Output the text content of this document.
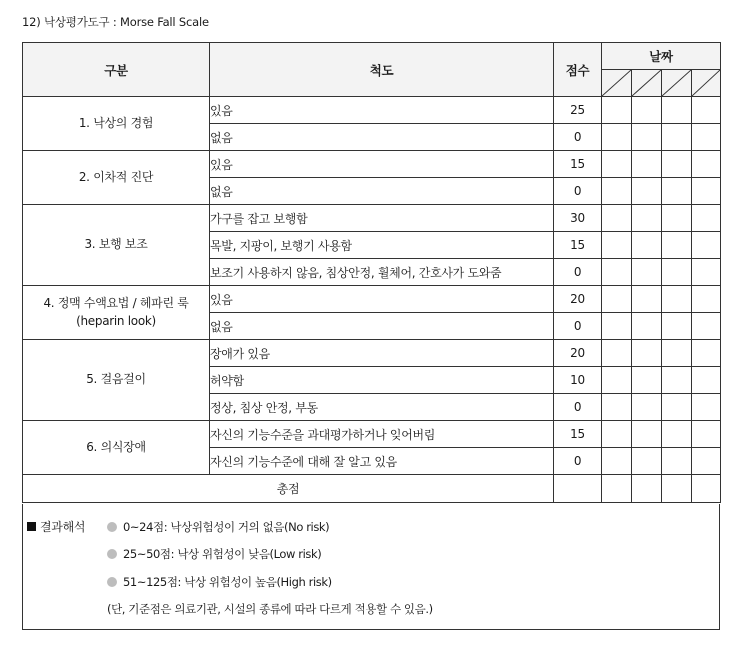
12) 낙상평가도구 : Morse Fall Scale
구분	척도	점수	날짜			

1. 낙상의 경험	있음	25				
	없음	0				
2. 이차적 진단	있음	15				
	없음	0				
3. 보행 보조	가구를 잡고 보행함	30				
	목발, 지팡이, 보행기 사용함	15				
	보조기 사용하지 않음, 침상안정, 휠체어, 간호사가 도와줌	0				
4. 정맥 수액요법 / 헤파린 룩
(heparin look)	있음	20				
	없음	0				
5. 걸음걸이	장애가 있음	20				
	허약함	10				
	정상, 침상 안정, 부동	0				
6. 의식장애	자신의 기능수준을 과대평가하거나 잊어버림	15				
	자신의 기능수준에 대해 잘 알고 있음	0				
총점						
결과해석	0~24점: 낙상위험성이 거의 없음(No risk)
25~50점: 낙상 위험성이 낮음(Low risk)
51~125점: 낙상 위험성이 높음(High risk)
(단, 기준점은 의료기관, 시설의 종류에 따라 다르게 적용할 수 있음.)
